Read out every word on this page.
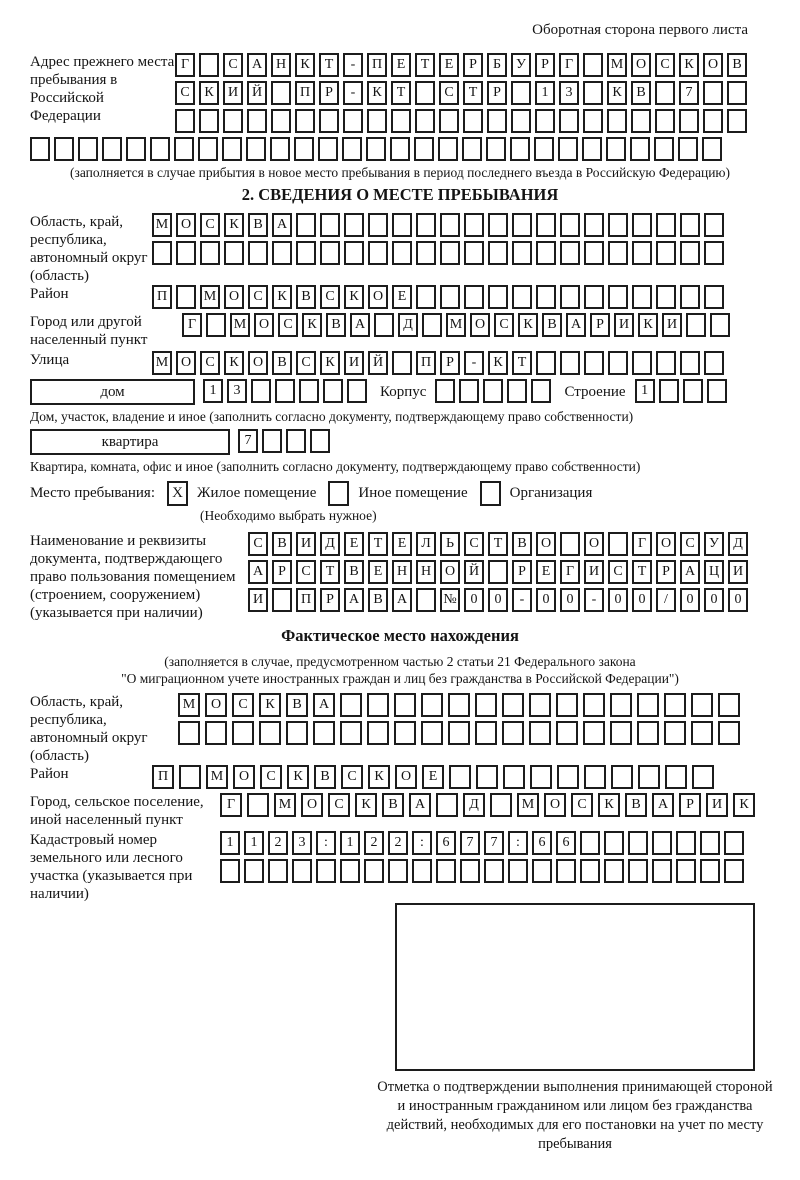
Оборотная сторона первого листа
Адрес прежнего места пребывания в Российской Федерации
Г	С	А Н	К	Т	-	П	Е	Т	Е	Р	Б	У	Р	Г	М О	С	К	О	В
С	К	И Й	П	Р	-	К	Т	С	Т	Р	1	3	К	В	7
(заполняется в случае прибытия в новое место пребывания в период последнего въезда в Российскую Федерацию)
2. СВЕДЕНИЯ О МЕСТЕ ПРЕБЫВАНИЯ
Область, край, республика, автономный округ (область)
М О	С	К	В	А
Район	П	М О	С	К	В	С	К	О	Е
Город или другой населенный пункт
Г	М О	С	К	В	А	Д	М О	С	К	В	А	Р	И	К	И
Улица	М О	С	К	О	В	С	К	И Й	П	Р	-	К	Т
дом	1	3	Корпус	Строение	1
Дом, участок, владение и иное (заполнить согласно документу, подтверждающему право собственности)
квартира	7
Квартира, комната, офис и иное (заполнить согласно документу, подтверждающему право собственности)
Место пребывания:	X Жилое помещение	Иное помещение	Организация
(Необходимо выбрать нужное)
Наименование и реквизиты документа, подтверждающего право пользования помещением (строением, сооружением) (указывается при наличии)
С	В	И	Д	Е	Т	Е	Л	Ь	С	Т	В	О	О	Г	О	С	У	Д
А	Р	С	Т	В	Е	Н Н О Й	Р	Е	Г	И	С	Т	Р	А Ц И
И	П	Р	А	В	А	№ 0	0	-	0	0	-	0	0	/	0	0	0
Фактическое место нахождения
(заполняется в случае, предусмотренном частью 2 статьи 21 Федерального закона
"О миграционном учете иностранных граждан и лиц без гражданства в Российской Федерации")
Область, край, республика, автономный округ (область)
М	О	С	К	В	А
Район	П	М	О	С	К	В	С	К	О	Е
Город, сельское поселение, иной населенный пункт
Г	М	О	С	К	В	А	Д	М	О	С	К	В	А	Р	И	К
Кадастровый номер земельного или лесного участка (указывается при наличии)
1	1	2	3	:	1	2	2	:	6	7	7	:	6	6
Отметка о подтверждении выполнения принимающей стороной и иностранным гражданином или лицом без гражданства действий, необходимых для его постановки на учет по месту пребывания
